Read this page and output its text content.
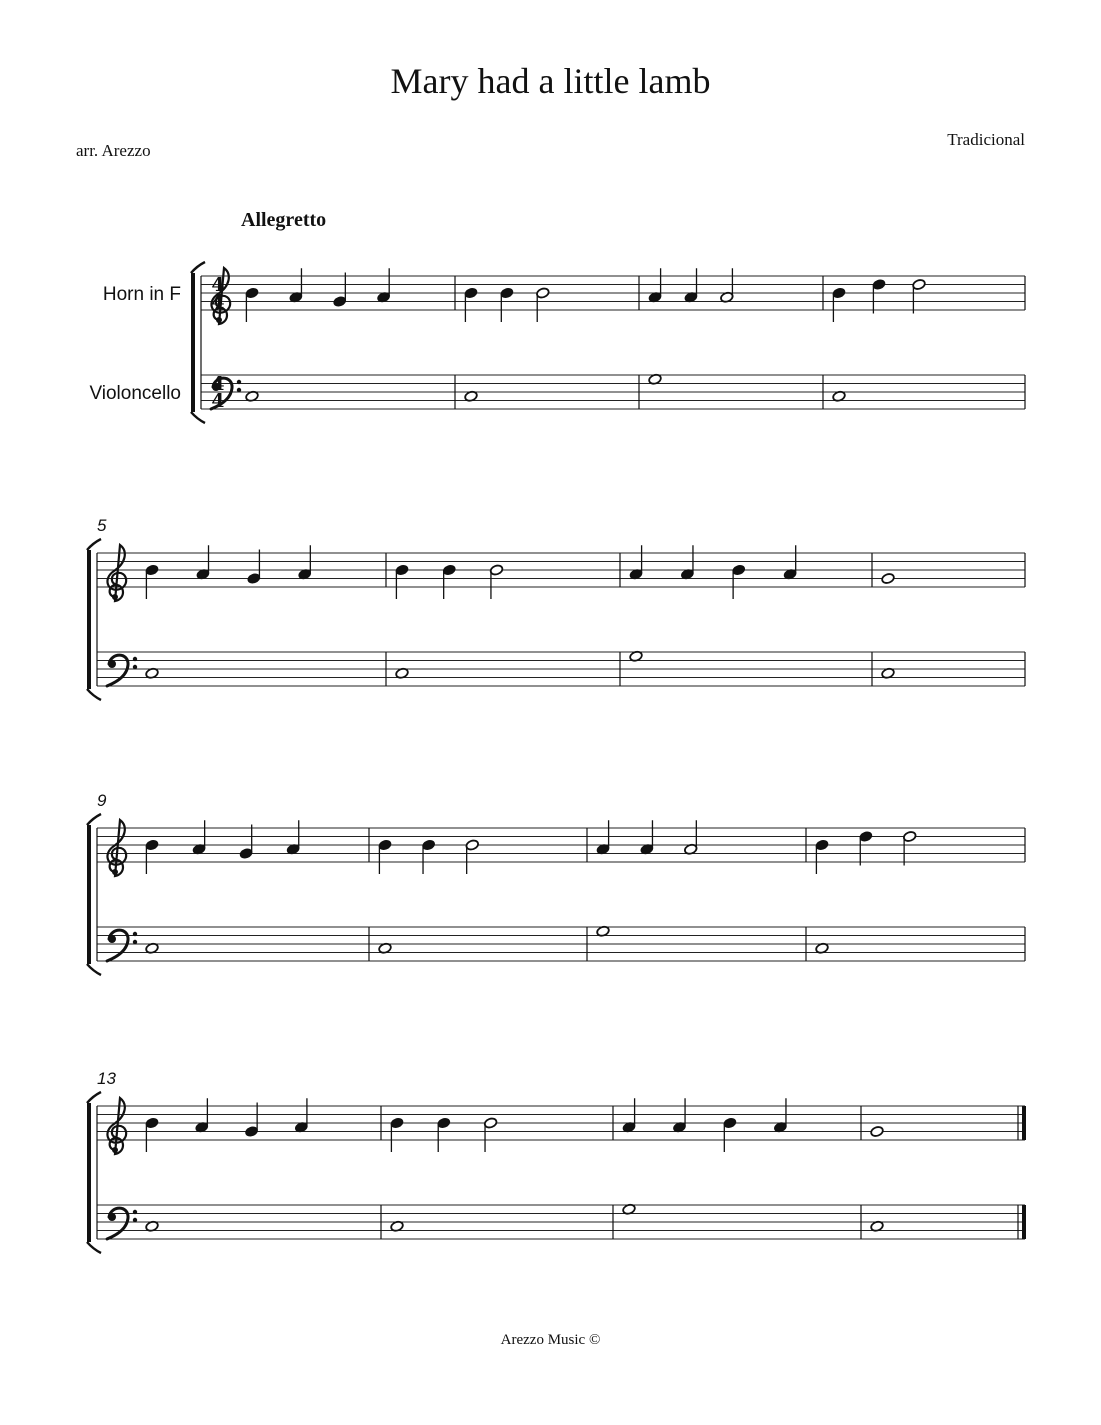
Mary had a little lamb
Tradicional
arr. Arezzo
Allegretto
Arezzo Music ©
4
4
4
4
Horn in F
Violoncello
5
9
13
